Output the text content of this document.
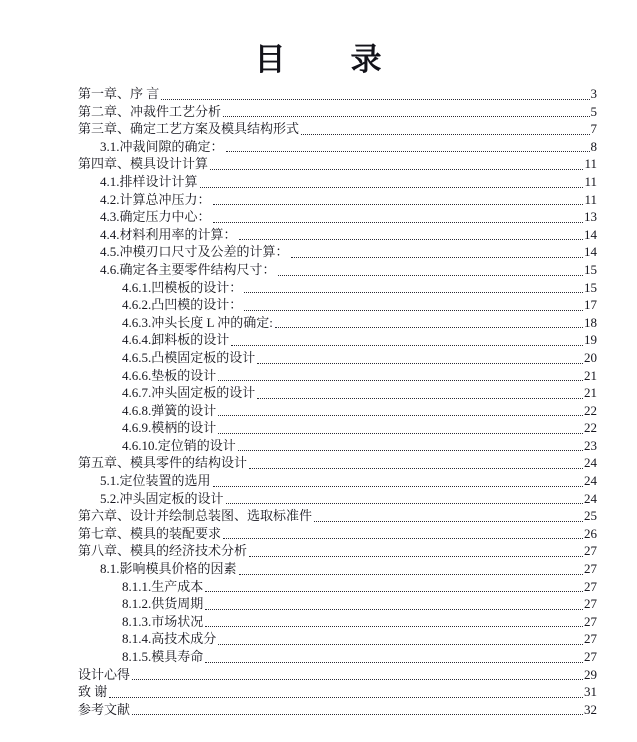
目　　录
第一章、序 言	3
第二章、冲裁件工艺分析	5
第三章、确定工艺方案及模具结构形式	7
3.1.冲裁间隙的确定：	8
第四章、模具设计计算	11
4.1.排样设计计算	11
4.2.计算总冲压力：	11
4.3.确定压力中心：	13
4.4.材料利用率的计算：	14
4.5.冲模刃口尺寸及公差的计算：	14
4.6.确定各主要零件结构尺寸：	15
4.6.1.凹模板的设计：	15
4.6.2.凸凹模的设计：	17
4.6.3.冲头长度 L 冲的确定:	18
4.6.4.卸料板的设计	19
4.6.5.凸模固定板的设计	20
4.6.6.垫板的设计	21
4.6.7.冲头固定板的设计	21
4.6.8.弹簧的设计	22
4.6.9.模柄的设计	22
4.6.10.定位销的设计	23
第五章、模具零件的结构设计	24
5.1.定位装置的选用	24
5.2.冲头固定板的设计	24
第六章、设计并绘制总装图、选取标准件	25
第七章、模具的装配要求	26
第八章、模具的经济技术分析	27
8.1.影响模具价格的因素	27
8.1.1.生产成本	27
8.1.2.供货周期	27
8.1.3.市场状况	27
8.1.4.高技术成分	27
8.1.5.模具寿命	27
设计心得	29
致 谢	31
参考文献	32
